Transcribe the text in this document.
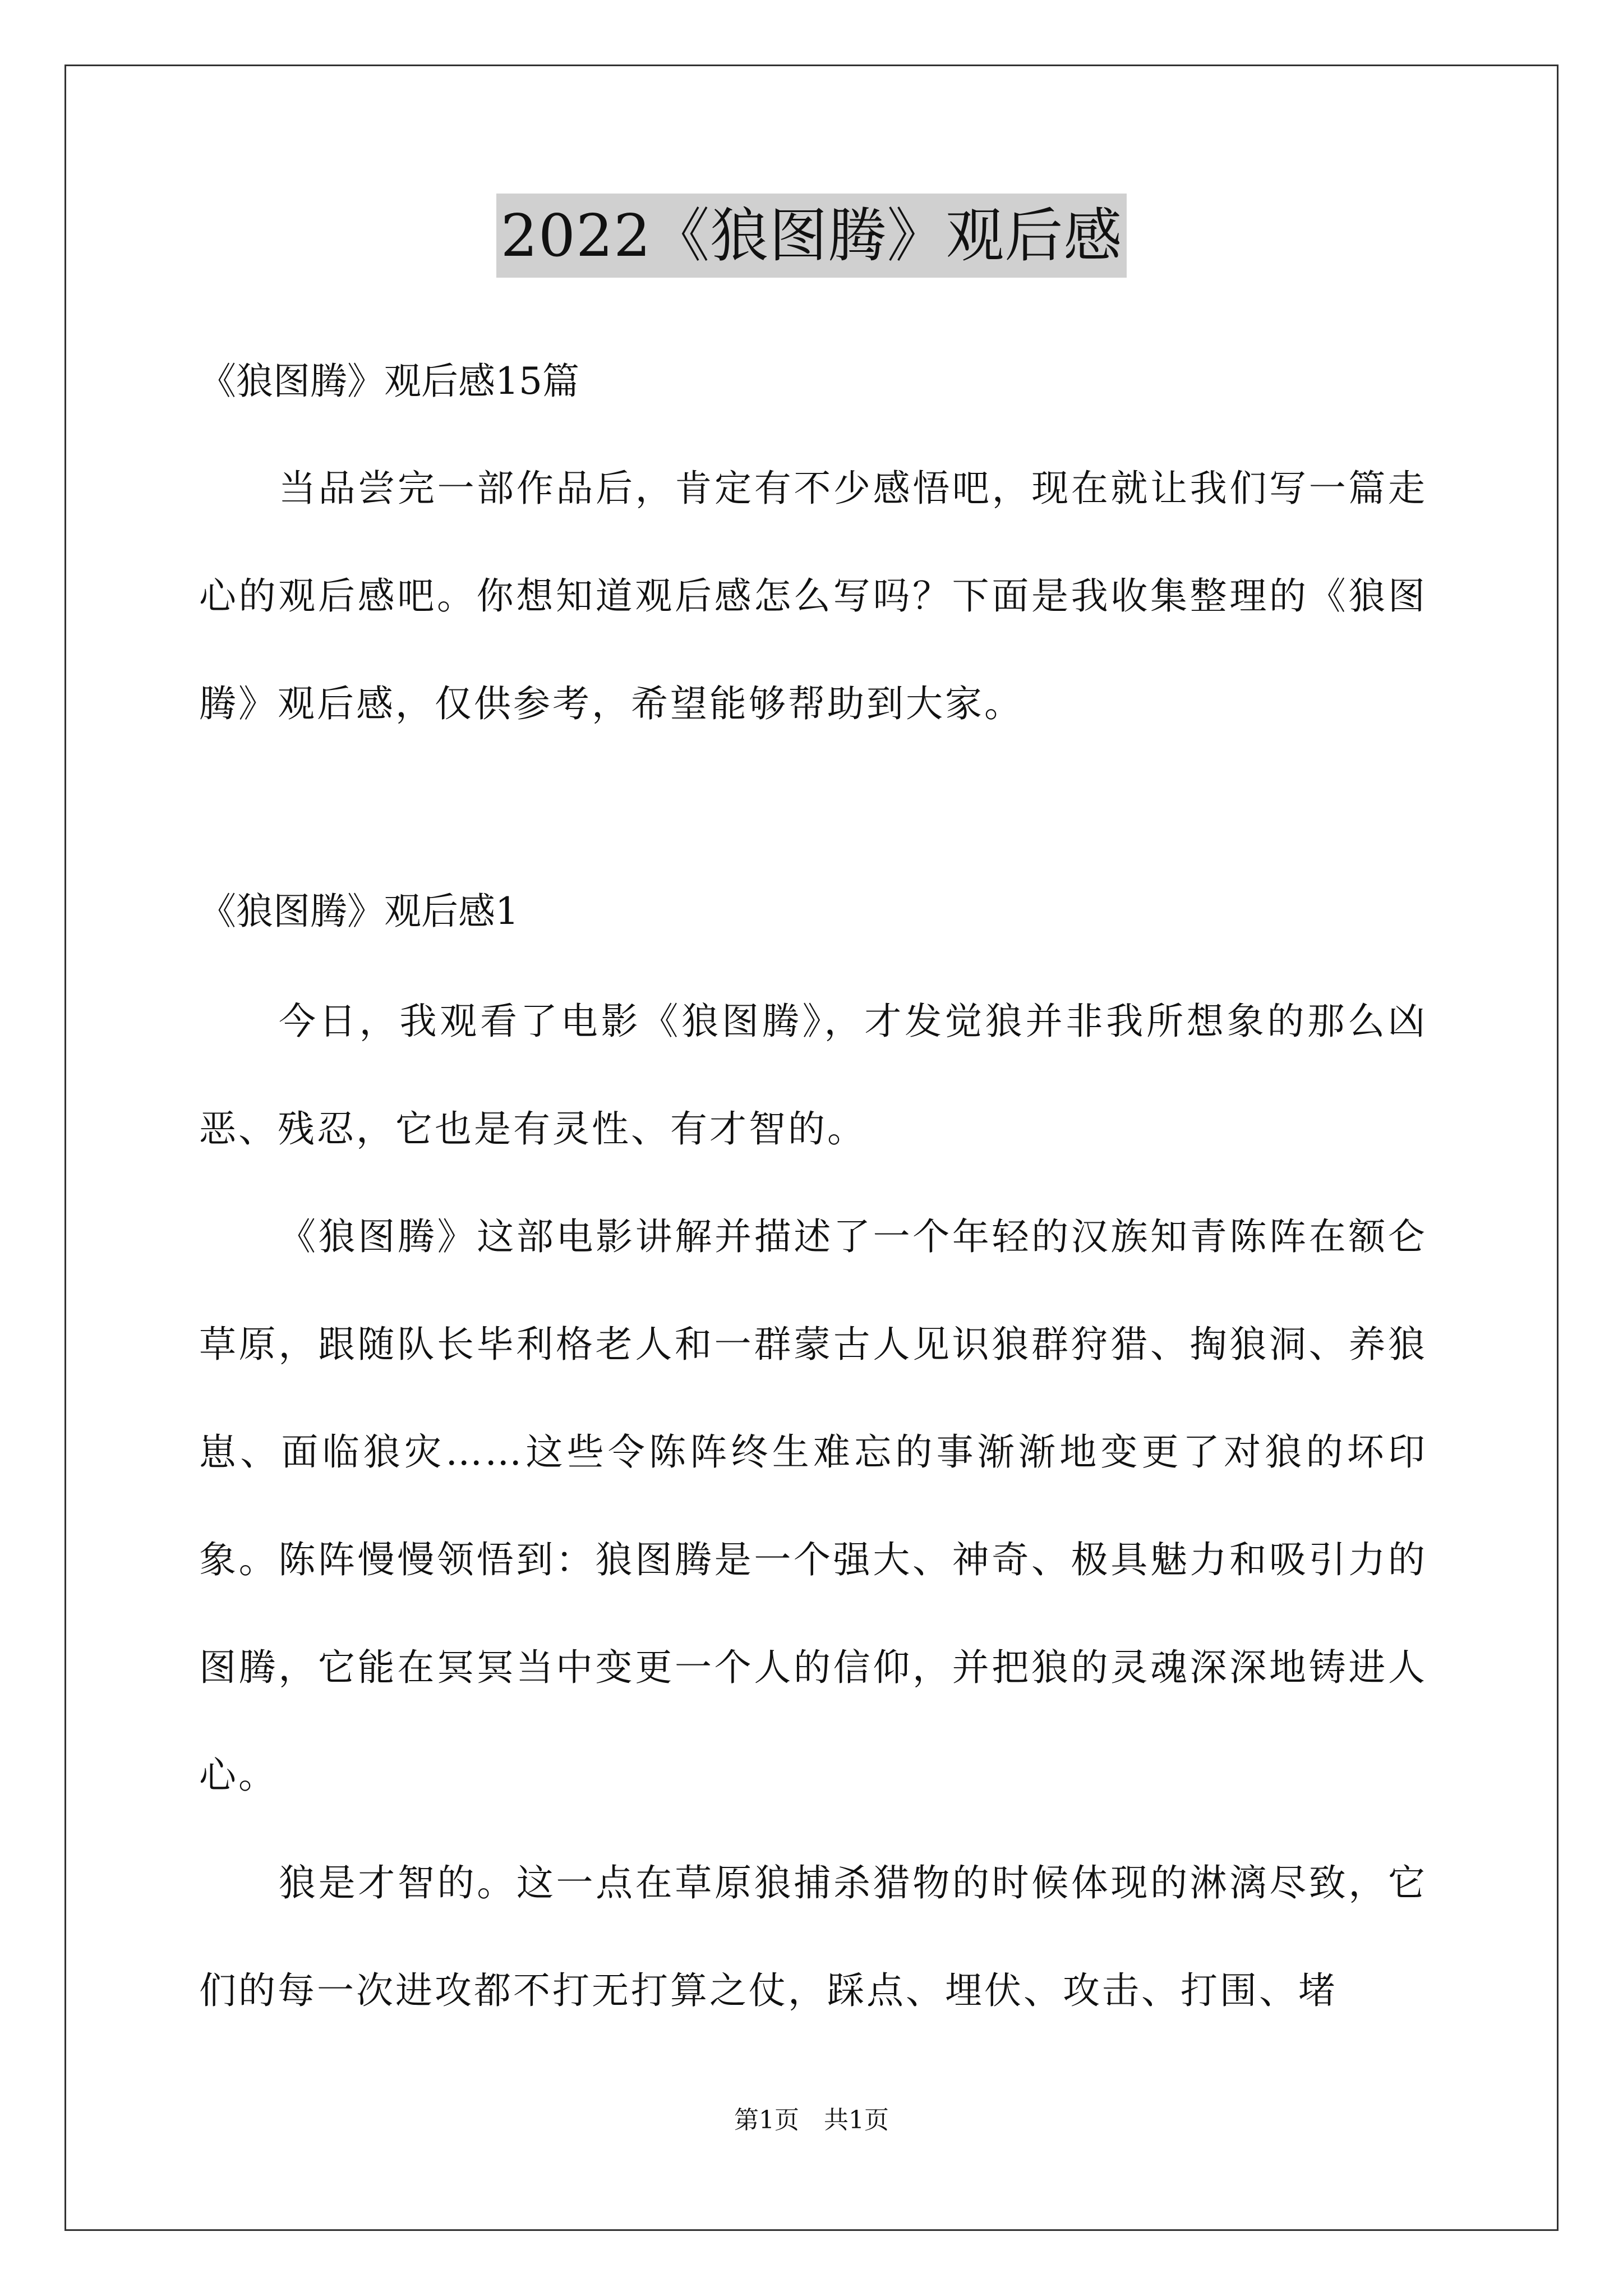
2022《狼图腾》观后感
《狼图腾》观后感15篇

当品尝完一部作品后，肯定有不少感悟吧，现在就让我们写一篇走心的观后感吧。你想知道观后感怎么写吗？下面是我收集整理的《狼图腾》观后感，仅供参考，希望能够帮助到大家。

《狼图腾》观后感1

今日，我观看了电影《狼图腾》，才发觉狼并非我所想象的那么凶恶、残忍，它也是有灵性、有才智的。

《狼图腾》这部电影讲解并描述了一个年轻的汉族知青陈阵在额仑草原，跟随队长毕利格老人和一群蒙古人见识狼群狩猎、掏狼洞、养狼崽、面临狼灾……这些令陈阵终生难忘的事渐渐地变更了对狼的坏印象。陈阵慢慢领悟到：狼图腾是一个强大、神奇、极具魅力和吸引力的图腾，它能在冥冥当中变更一个人的信仰，并把狼的灵魂深深地铸进人心。

狼是才智的。这一点在草原狼捕杀猎物的时候体现的淋漓尽致，它们的每一次进攻都不打无打算之仗，踩点、埋伏、攻击、打围、堵

第1页　共1页
